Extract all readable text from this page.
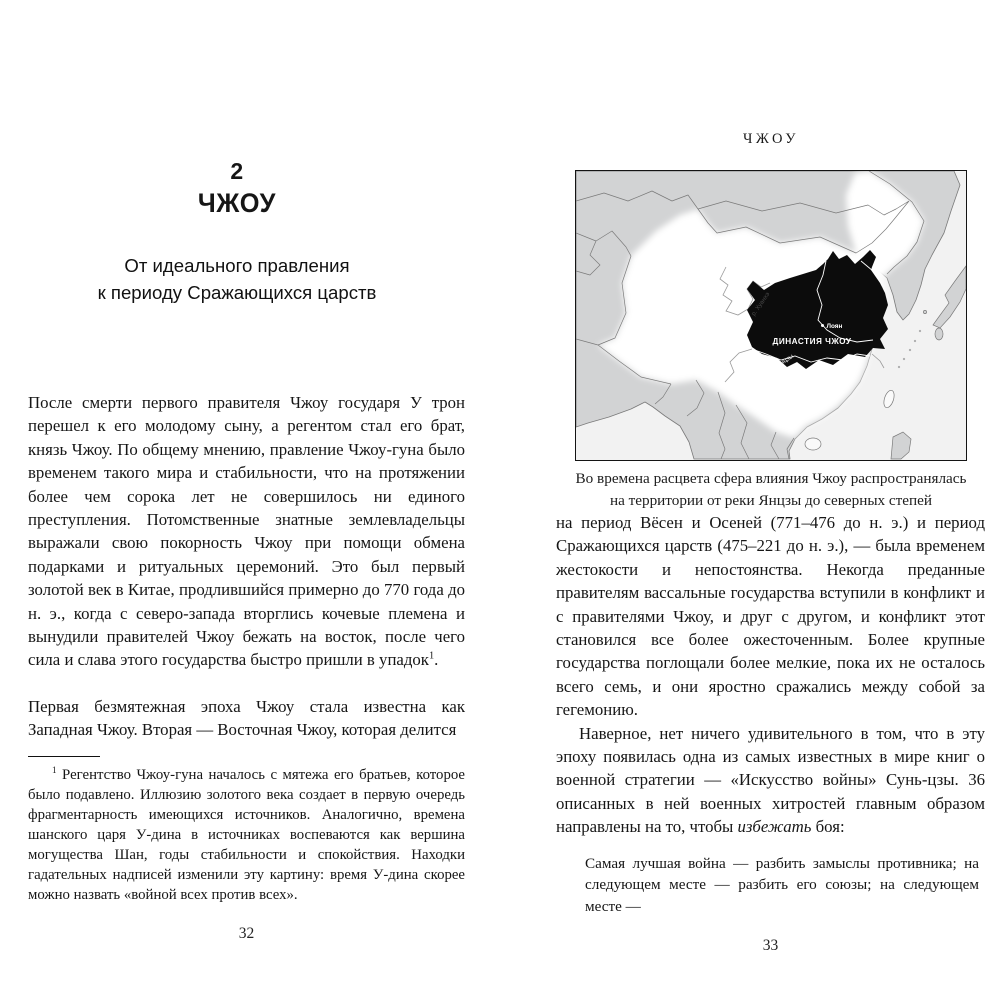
2
ЧЖОУ
От идеального правления
к периоду Сражающихся царств

После смерти первого правителя Чжоу государя У трон перешел к его молодому сыну, а регентом стал его брат, князь Чжоу. По общему мнению, правление Чжоу-гуна было временем такого мира и стабильности, что на протяжении более чем сорока лет не совершилось ни единого преступления. Потомственные знатные землевладельцы выражали свою покорность Чжоу при помощи обмена подарками и ритуальных церемоний. Это был первый золотой век в Китае, продлившийся примерно до 770 года до н. э., когда с северо-запада вторглись кочевые племена и вынудили правителей Чжоу бежать на восток, после чего сила и слава этого государства быстро пришли в упадок$^1$.

Первая безмятежная эпоха Чжоу стала известна как Западная Чжоу. Вторая — Восточная Чжоу, которая делится

$^1$ Регентство Чжоу-гуна началось с мятежа его братьев, которое было подавлено. Иллюзию золотого века создает в первую очередь фрагментарность имеющихся источников. Аналогично, времена шанского царя У-дина в источниках воспеваются как вершина могущества Шан, годы стабильности и спокойствия. Находки гадательных надписей изменили эту картину: время У-дина скорее можно назвать «войной всех против всех».

32
ЧЖОУ
р. Хуанхэ
р. Янцзы
Лоян
ДИНАСТИЯ ЧЖОУ
Во времена расцвета сфера влияния Чжоу распространялась
на территории от реки Янцзы до северных степей

на период Вёсен и Осеней (771–476 до н. э.) и период Сражающихся царств (475–221 до н. э.), — была временем жестокости и непостоянства. Некогда преданные правителям вассальные государства вступили в конфликт и с правителями Чжоу, и друг с другом, и конфликт этот становился все более ожесточенным. Более крупные государства поглощали более мелкие, пока их не осталось всего семь, и они яростно сражались между собой за гегемонию.

Наверное, нет ничего удивительного в том, что в эту эпоху появилась одна из самых известных в мире книг о военной стратегии — «Искусство войны» Сунь-цзы. 36 описанных в ней военных хитростей главным образом направлены на то, чтобы избежать боя:

Самая лучшая война — разбить замыслы противника; на следующем месте — разбить его союзы; на следующем месте —

33
